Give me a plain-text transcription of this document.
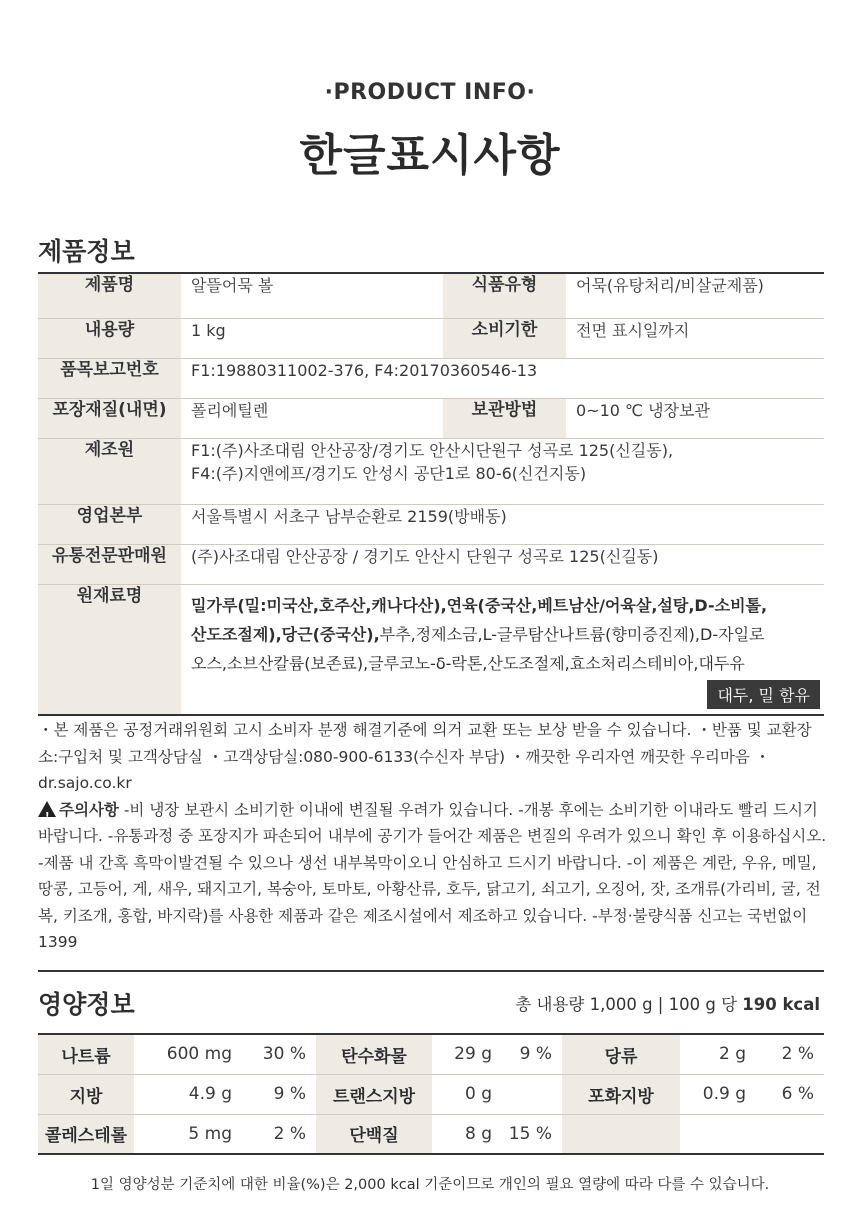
·PRODUCT INFO·
한글표시사항
제품정보
제품명	알뜰어묵 볼	식품유형	어묵(유탕처리/비살균제품)
내용량	1 kg	소비기한	전면 표시일까지
품목보고번호	F1:19880311002-376, F4:20170360546-13		
포장재질(내면)	폴리에틸렌	보관방법	0~10 ℃ 냉장보관
제조원	F1:(주)사조대림 안산공장/경기도 안산시단원구 성곡로 125(신길동),
F4:(주)지앤에프/경기도 안성시 공단1로 80-6(신건지동)		

영업본부	서울특별시 서초구 남부순환로 2159(방배동)		
유통전문판매원	(주)사조대림 안산공장 / 경기도 안산시 단원구 성곡로 125(신길동)		
원재료명	밀가루(밀:미국산,호주산,캐나다산),연육(중국산,베트남산/어육살,설탕,D-소비톨,
산도조절제),당근(중국산),부추,정제소금,L-글루탐산나트륨(향미증진제),D-자일로
오스,소브산칼륨(보존료),글루코노-δ-락톤,산도조절제,효소처리스테비아,대두유
대두, 밀 함유		
・본 제품은 공정거래위원회 고시 소비자 분쟁 해결기준에 의거 교환 또는 보상 받을 수 있습니다. ・반품 및 교환장소:구입처 및 고객상담실 ・고객상담실:080-900-6133(수신자 부담) ・깨끗한 우리자연 깨끗한 우리마음 ・dr.sajo.co.kr
! 주의사항 -비 냉장 보관시 소비기한 이내에 변질될 우려가 있습니다. -개봉 후에는 소비기한 이내라도 빨리 드시기 바랍니다. -유통과정 중 포장지가 파손되어 내부에 공기가 들어간 제품은 변질의 우려가 있으니 확인 후 이용하십시오. -제품 내 간혹 흑막이발견될 수 있으나 생선 내부복막이오니 안심하고 드시기 바랍니다. -이 제품은 계란, 우유, 메밀, 땅콩, 고등어, 게, 새우, 돼지고기, 복숭아, 토마토, 아황산류, 호두, 닭고기, 쇠고기, 오징어, 잣, 조개류(가리비, 굴, 전복, 키조개, 홍합, 바지락)를 사용한 제품과 같은 제조시설에서 제조하고 있습니다. -부정·불량식품 신고는 국번없이 1399
영양정보	총 내용량 1,000 g | 100 g 당 190 kcal
나트륨	600 mg	30 %	탄수화물	29 g	9 %	당류	2 g	2 %
지방	4.9 g	9 %	트랜스지방	0 g		포화지방	0.9 g	6 %
콜레스테롤	5 mg	2 %	단백질	8 g	15 %			
1일 영양성분 기준치에 대한 비율(%)은 2,000 kcal 기준이므로 개인의 필요 열량에 따라 다를 수 있습니다.
